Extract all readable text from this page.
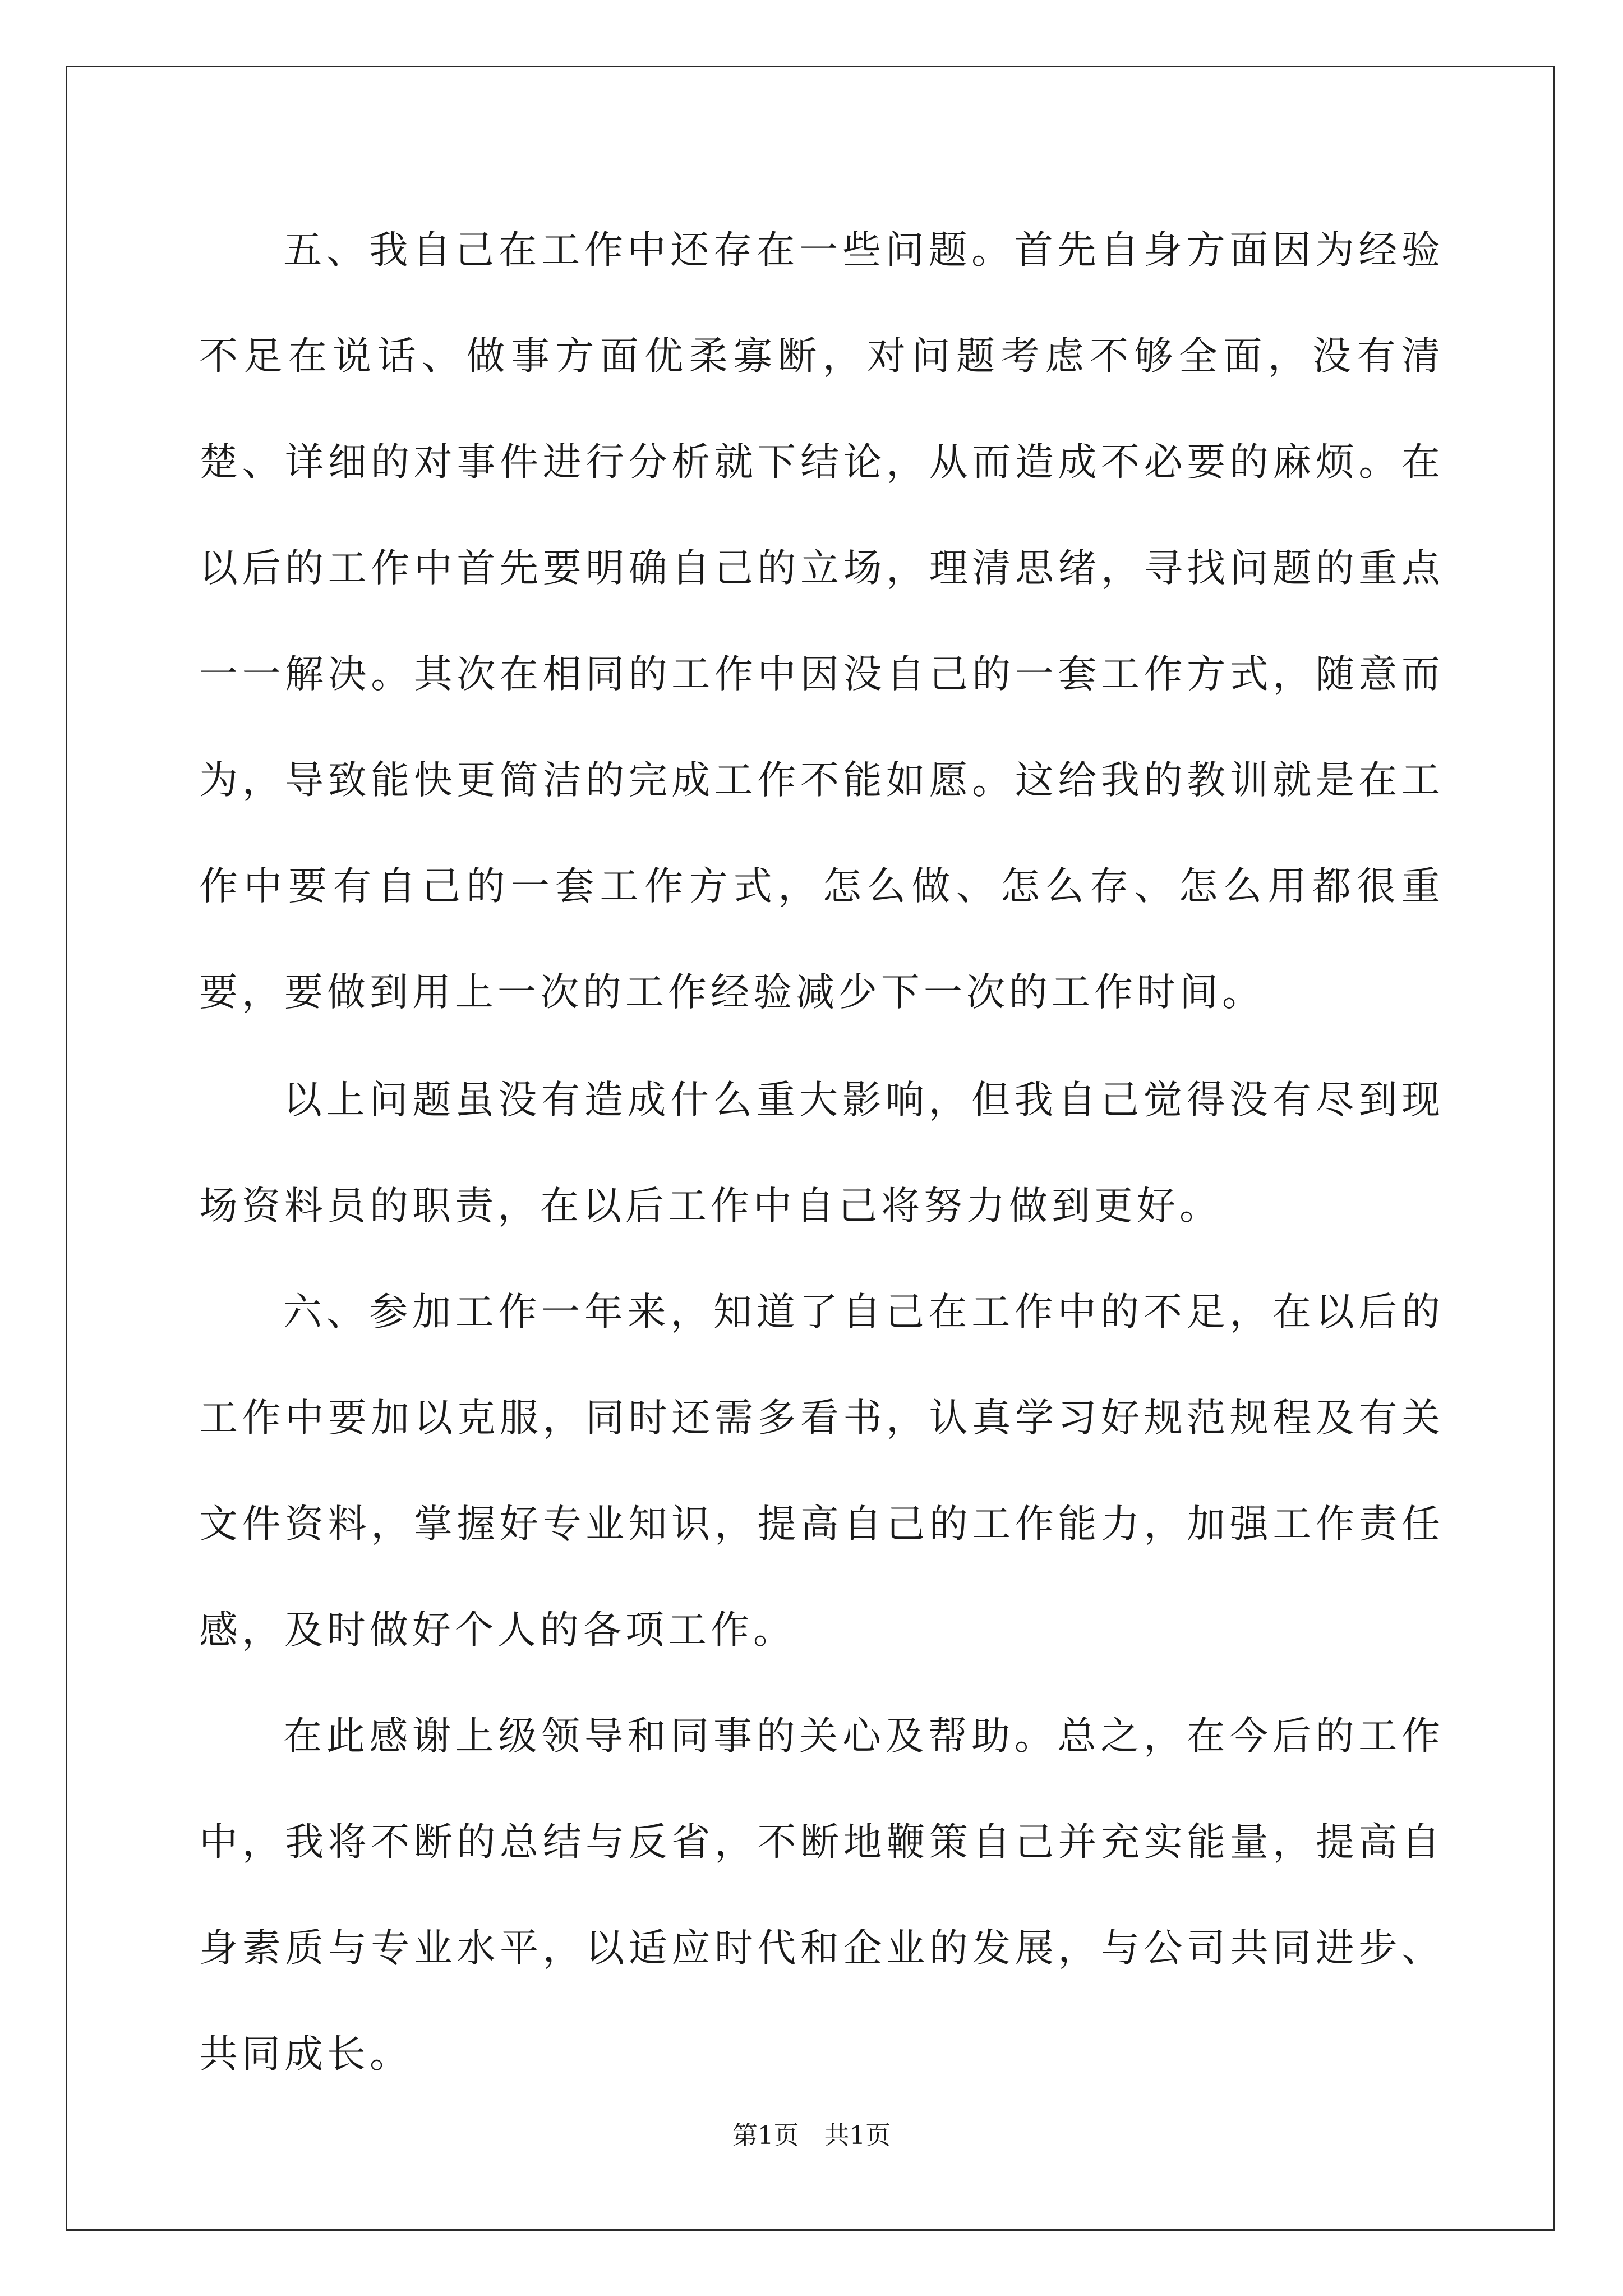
五、我自己在工作中还存在一些问题。首先自身方面因为经验不足在说话、做事方面优柔寡断，对问题考虑不够全面，没有清楚、详细的对事件进行分析就下结论，从而造成不必要的麻烦。在以后的工作中首先要明确自己的立场，理清思绪，寻找问题的重点一一解决。其次在相同的工作中因没自己的一套工作方式，随意而为，导致能快更简洁的完成工作不能如愿。这给我的教训就是在工作中要有自己的一套工作方式，怎么做、怎么存、怎么用都很重要，要做到用上一次的工作经验减少下一次的工作时间。

以上问题虽没有造成什么重大影响，但我自己觉得没有尽到现场资料员的职责，在以后工作中自己将努力做到更好。

六、参加工作一年来，知道了自己在工作中的不足，在以后的工作中要加以克服，同时还需多看书，认真学习好规范规程及有关文件资料，掌握好专业知识，提高自己的工作能力，加强工作责任感，及时做好个人的各项工作。

在此感谢上级领导和同事的关心及帮助。总之，在今后的工作中，我将不断的总结与反省，不断地鞭策自己并充实能量，提高自身素质与专业水平，以适应时代和企业的发展，与公司共同进步、共同成长。

第1页　共1页
